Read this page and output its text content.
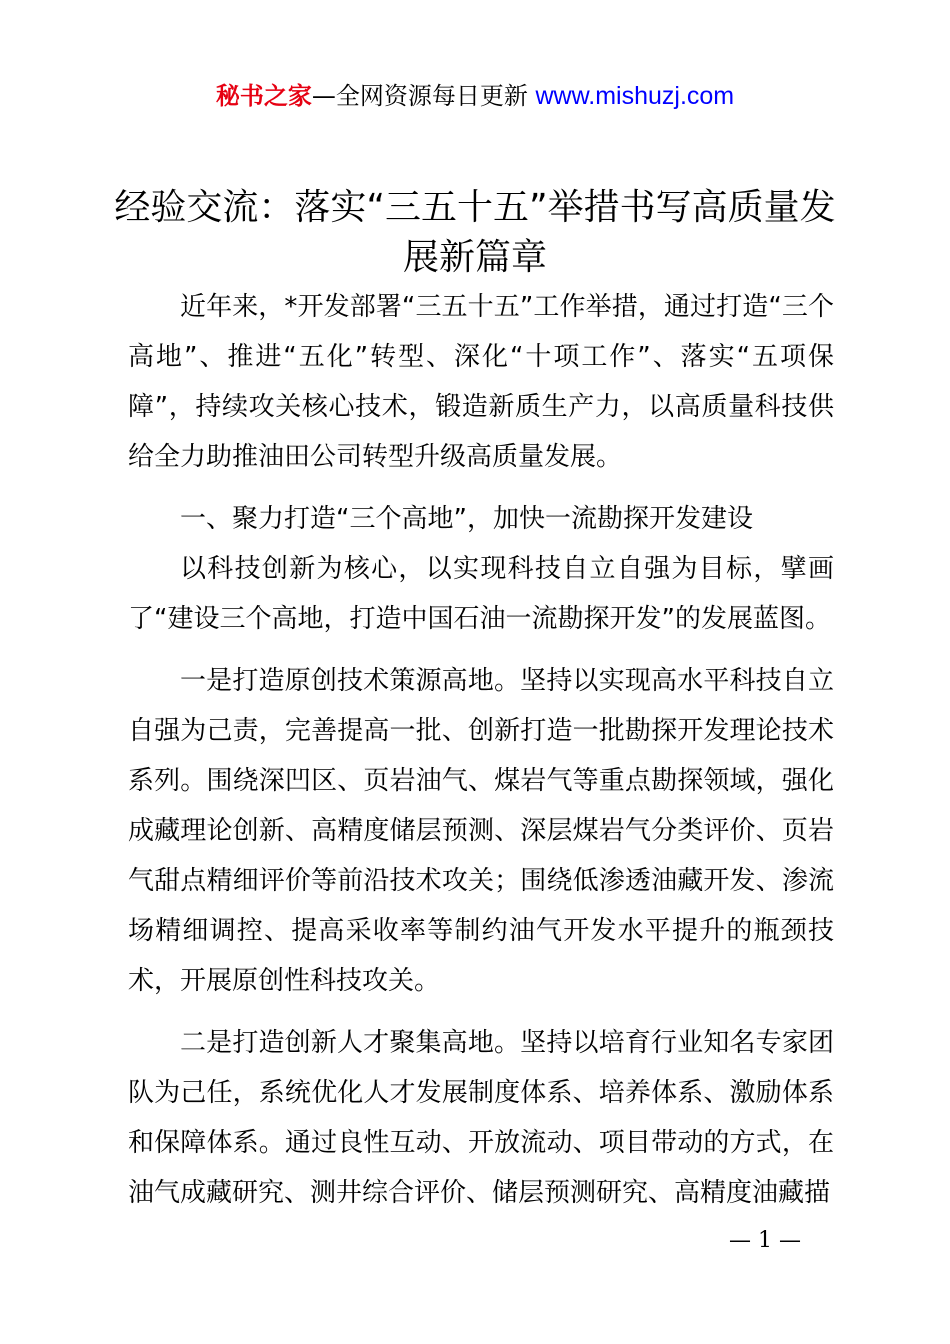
秘书之家—全网资源每日更新 www.mishuzj.com
经验交流：落实“三五十五”举措书写高质量发展新篇章

近年来，*开发部署“三五十五”工作举措，通过打造“三个高地”、推进“五化”转型、深化“十项工作”、落实“五项保障”，持续攻关核心技术，锻造新质生产力，以高质量科技供给全力助推油田公司转型升级高质量发展。

一、聚力打造“三个高地”，加快一流勘探开发建设

以科技创新为核心，以实现科技自立自强为目标，擘画了“建设三个高地，打造中国石油一流勘探开发”的发展蓝图。

一是打造原创技术策源高地。坚持以实现高水平科技自立自强为己责，完善提高一批、创新打造一批勘探开发理论技术系列。围绕深凹区、页岩油气、煤岩气等重点勘探领域，强化成藏理论创新、高精度储层预测、深层煤岩气分类评价、页岩气甜点精细评价等前沿技术攻关；围绕低渗透油藏开发、渗流场精细调控、提高采收率等制约油气开发水平提升的瓶颈技术，开展原创性科技攻关。

二是打造创新人才聚集高地。坚持以培育行业知名专家团队为己任，系统优化人才发展制度体系、培养体系、激励体系和保障体系。通过良性互动、开放流动、项目带动的方式，在油气成藏研究、测井综合评价、储层预测研究、高精度油藏描

— 1 —
